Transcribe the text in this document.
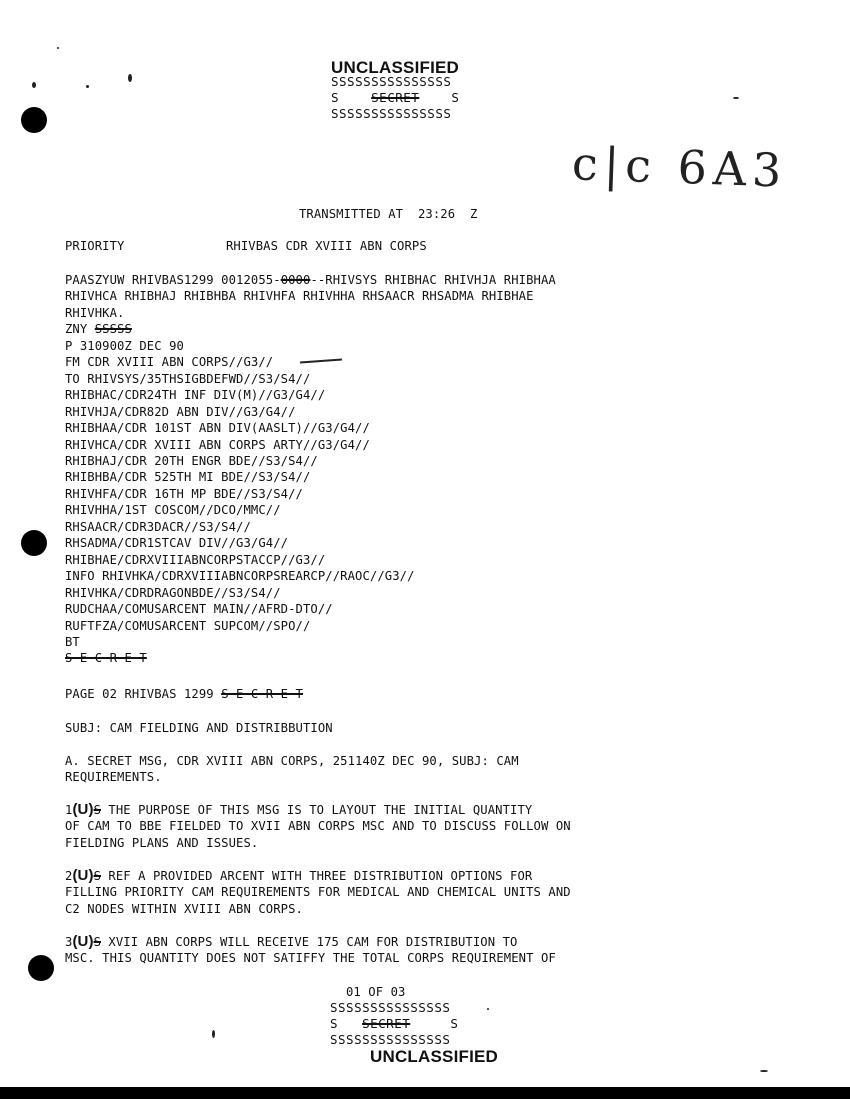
UNCLASSIFIED
SSSSSSSSSSSSSSS
S	SECRET	S
SSSSSSSSSSSSSSS
c|c 6A3
TRANSMITTED AT  23:26  Z
PRIORITY	RHIVBAS CDR XVIII ABN CORPS
PAASZYUW RHIVBAS1299 0012055-0000--RHIVSYS RHIBHAC RHIVHJA RHIBHAA
RHIVHCA RHIBHAJ RHIBHBA RHIVHFA RHIVHHA RHSAACR RHSADMA RHIBHAE
RHIVHKA.
ZNY SSSSS
P 310900Z DEC 90
FM CDR XVIII ABN CORPS//G3//
TO RHIVSYS/35THSIGBDEFWD//S3/S4//
RHIBHAC/CDR24TH INF DIV(M)//G3/G4//
RHIVHJA/CDR82D ABN DIV//G3/G4//
RHIBHAA/CDR 101ST ABN DIV(AASLT)//G3/G4//
RHIVHCA/CDR XVIII ABN CORPS ARTY//G3/G4//
RHIBHAJ/CDR 20TH ENGR BDE//S3/S4//
RHIBHBA/CDR 525TH MI BDE//S3/S4//
RHIVHFA/CDR 16TH MP BDE//S3/S4//
RHIVHHA/1ST COSCOM//DCO/MMC//
RHSAACR/CDR3DACR//S3/S4//
RHSADMA/CDR1STCAV DIV//G3/G4//
RHIBHAE/CDRXVIIIABNCORPSTACCP//G3//
INFO RHIVHKA/CDRXVIIIABNCORPSREARCP//RAOC//G3//
RHIVHKA/CDRDRAGONBDE//S3/S4//
RUDCHAA/COMUSARCENT MAIN//AFRD-DTO//
RUFTFZA/COMUSARCENT SUPCOM//SPO//
BT
S E C R E T
PAGE 02 RHIVBAS 1299 S E C R E T
SUBJ: CAM FIELDING AND DISTRIBBUTION
A. SECRET MSG, CDR XVIII ABN CORPS, 251140Z DEC 90, SUBJ: CAM
REQUIREMENTS.
1(U)S THE PURPOSE OF THIS MSG IS TO LAYOUT THE INITIAL QUANTITY
OF CAM TO BBE FIELDED TO XVII ABN CORPS MSC AND TO DISCUSS FOLLOW ON
FIELDING PLANS AND ISSUES.
2(U)S REF A PROVIDED ARCENT WITH THREE DISTRIBUTION OPTIONS FOR
FILLING PRIORITY CAM REQUIREMENTS FOR MEDICAL AND CHEMICAL UNITS AND
C2 NODES WITHIN XVIII ABN CORPS.
3(U)S XVII ABN CORPS WILL RECEIVE 175 CAM FOR DISTRIBUTION TO
MSC. THIS QUANTITY DOES NOT SATIFFY THE TOTAL CORPS REQUIREMENT OF
01 OF 03
SSSSSSSSSSSSSSS
S SECRET	S
SSSSSSSSSSSSSSS
UNCLASSIFIED
